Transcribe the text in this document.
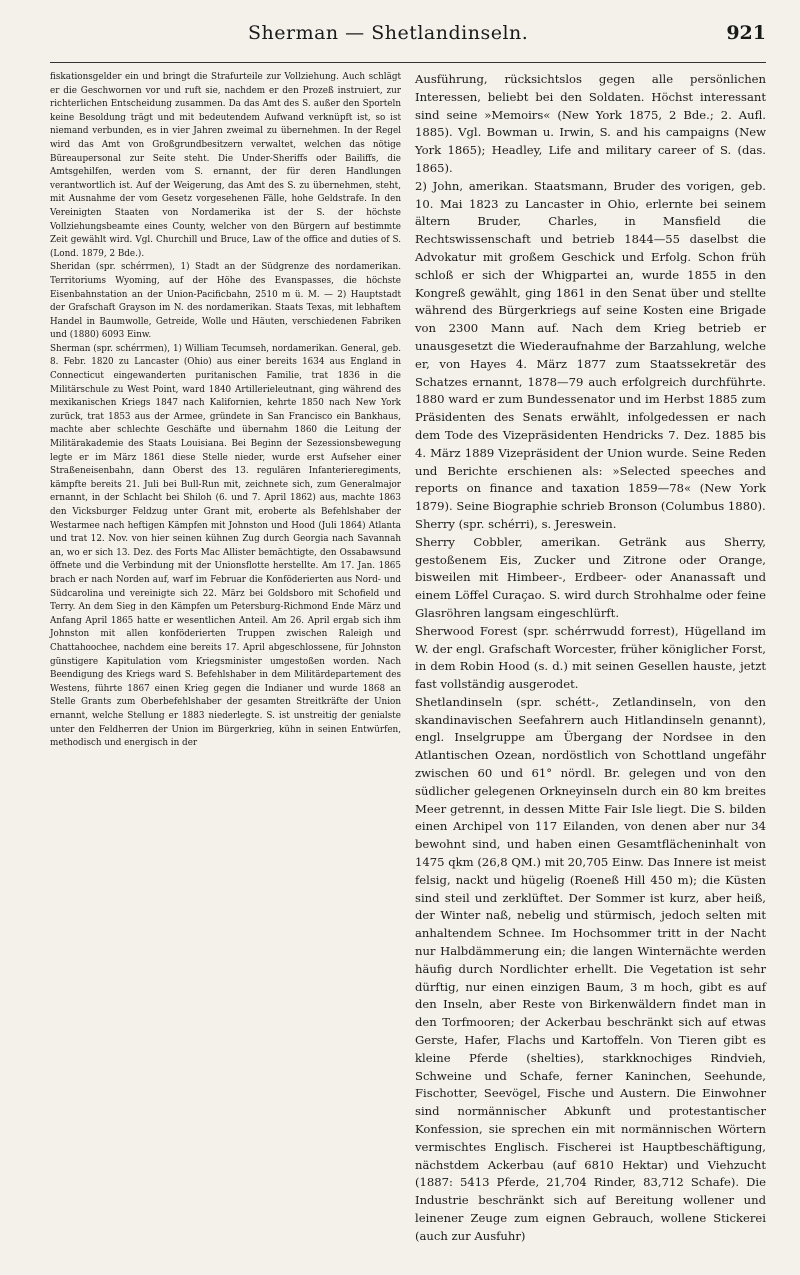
Sherman — Shetlandinseln.	921

fiskationsgelder ein und bringt die Strafurteile zur Vollziehung. Auch schlägt er die Geschwornen vor und ruft sie, nachdem er den Prozeß instruiert, zur richterlichen Entscheidung zusammen. Da das Amt des S. außer den Sporteln keine Besoldung trägt und mit bedeutendem Aufwand verknüpft ist, so ist niemand verbunden, es in vier Jahren zweimal zu übernehmen. In der Regel wird das Amt von Großgrundbesitzern verwaltet, welchen das nötige Büreaupersonal zur Seite steht. Die Under-Sheriffs oder Bailiffs, die Amtsgehilfen, werden vom S. ernannt, der für deren Handlungen verantwortlich ist. Auf der Weigerung, das Amt des S. zu übernehmen, steht, mit Ausnahme der vom Gesetz vorgesehenen Fälle, hohe Geldstrafe. In den Vereinigten Staaten von Nordamerika ist der S. der höchste Vollziehungsbeamte eines County, welcher von den Bürgern auf bestimmte Zeit gewählt wird. Vgl. Churchill und Bruce, Law of the office and duties of S. (Lond. 1879, 2 Bde.).

Sheridan (spr. schérrmen), 1) Stadt an der Südgrenze des nordamerikan. Territoriums Wyoming, auf der Höhe des Evanspasses, die höchste Eisenbahnstation an der Union-Pacificbahn, 2510 m ü. M. — 2) Hauptstadt der Grafschaft Grayson im N. des nordamerikan. Staats Texas, mit lebhaftem Handel in Baumwolle, Getreide, Wolle und Häuten, verschiedenen Fabriken und (1880) 6093 Einw.

Sherman (spr. schérrmen), 1) William Tecumseh, nordamerikan. General, geb. 8. Febr. 1820 zu Lancaster (Ohio) aus einer bereits 1634 aus England in Connecticut eingewanderten puritanischen Familie, trat 1836 in die Militärschule zu West Point, ward 1840 Artillerieleutnant, ging während des mexikanischen Kriegs 1847 nach Kalifornien, kehrte 1850 nach New York zurück, trat 1853 aus der Armee, gründete in San Francisco ein Bankhaus, machte aber schlechte Geschäfte und übernahm 1860 die Leitung der Militärakademie des Staats Louisiana. Bei Beginn der Sezessionsbewegung legte er im März 1861 diese Stelle nieder, wurde erst Aufseher einer Straßeneisenbahn, dann Oberst des 13. regulären Infanterieregiments, kämpfte bereits 21. Juli bei Bull-Run mit, zeichnete sich, zum Generalmajor ernannt, in der Schlacht bei Shiloh (6. und 7. April 1862) aus, machte 1863 den Vicksburger Feldzug unter Grant mit, eroberte als Befehlshaber der Westarmee nach heftigen Kämpfen mit Johnston und Hood (Juli 1864) Atlanta und trat 12. Nov. von hier seinen kühnen Zug durch Georgia nach Savannah an, wo er sich 13. Dez. des Forts Mac Allister bemächtigte, den Ossabawsund öffnete und die Verbindung mit der Unionsflotte herstellte. Am 17. Jan. 1865 brach er nach Norden auf, warf im Februar die Konföderierten aus Nord- und Südcarolina und vereinigte sich 22. März bei Goldsboro mit Schofield und Terry. An dem Sieg in den Kämpfen um Petersburg-Richmond Ende März und Anfang April 1865 hatte er wesentlichen Anteil. Am 26. April ergab sich ihm Johnston mit allen konföderierten Truppen zwischen Raleigh und Chattahoochee, nachdem eine bereits 17. April abgeschlossene, für Johnston günstigere Kapitulation vom Kriegsminister umgestoßen worden. Nach Beendigung des Kriegs ward S. Befehlshaber in dem Militärdepartement des Westens, führte 1867 einen Krieg gegen die Indianer und wurde 1868 an Stelle Grants zum Oberbefehlshaber der gesamten Streitkräfte der Union ernannt, welche Stellung er 1883 niederlegte. S. ist unstreitig der genialste unter den Feldherren der Union im Bürgerkrieg, kühn in seinen Entwürfen, methodisch und energisch in der

Ausführung, rücksichtslos gegen alle persönlichen Interessen, beliebt bei den Soldaten. Höchst interessant sind seine »Memoirs« (New York 1875, 2 Bde.; 2. Aufl. 1885). Vgl. Bowman u. Irwin, S. and his campaigns (New York 1865); Headley, Life and military career of S. (das. 1865).

2) John, amerikan. Staatsmann, Bruder des vorigen, geb. 10. Mai 1823 zu Lancaster in Ohio, erlernte bei seinem ältern Bruder, Charles, in Mansfield die Rechtswissenschaft und betrieb 1844—55 daselbst die Advokatur mit großem Geschick und Erfolg. Schon früh schloß er sich der Whigpartei an, wurde 1855 in den Kongreß gewählt, ging 1861 in den Senat über und stellte während des Bürgerkriegs auf seine Kosten eine Brigade von 2300 Mann auf. Nach dem Krieg betrieb er unausgesetzt die Wiederaufnahme der Barzahlung, welche er, von Hayes 4. März 1877 zum Staatssekretär des Schatzes ernannt, 1878—79 auch erfolgreich durchführte. 1880 ward er zum Bundessenator und im Herbst 1885 zum Präsidenten des Senats erwählt, infolgedessen er nach dem Tode des Vizepräsidenten Hendricks 7. Dez. 1885 bis 4. März 1889 Vizepräsident der Union wurde. Seine Reden und Berichte erschienen als: »Selected speeches and reports on finance and taxation 1859—78« (New York 1879). Seine Biographie schrieb Bronson (Columbus 1880).

Sherry (spr. schérri), s. Jereswein.

Sherry Cobbler, amerikan. Getränk aus Sherry, gestoßenem Eis, Zucker und Zitrone oder Orange, bisweilen mit Himbeer-, Erdbeer- oder Ananassaft und einem Löffel Curaçao. S. wird durch Strohhalme oder feine Glasröhren langsam eingeschlürft.

Sherwood Forest (spr. schérrwudd forrest), Hügelland im W. der engl. Grafschaft Worcester, früher königlicher Forst, in dem Robin Hood (s. d.) mit seinen Gesellen hauste, jetzt fast vollständig ausgerodet.

Shetlandinseln (spr. schétt-, Zetlandinseln, von den skandinavischen Seefahrern auch Hitlandinseln genannt), engl. Inselgruppe am Übergang der Nordsee in den Atlantischen Ozean, nordöstlich von Schottland ungefähr zwischen 60 und 61° nördl. Br. gelegen und von den südlicher gelegenen Orkneyinseln durch ein 80 km breites Meer getrennt, in dessen Mitte Fair Isle liegt. Die S. bilden einen Archipel von 117 Eilanden, von denen aber nur 34 bewohnt sind, und haben einen Gesamtflächeninhalt von 1475 qkm (26,8 QM.) mit 20,705 Einw. Das Innere ist meist felsig, nackt und hügelig (Roeneß Hill 450 m); die Küsten sind steil und zerklüftet. Der Sommer ist kurz, aber heiß, der Winter naß, nebelig und stürmisch, jedoch selten mit anhaltendem Schnee. Im Hochsommer tritt in der Nacht nur Halbdämmerung ein; die langen Winternächte werden häufig durch Nordlichter erhellt. Die Vegetation ist sehr dürftig, nur einen einzigen Baum, 3 m hoch, gibt es auf den Inseln, aber Reste von Birkenwäldern findet man in den Torfmooren; der Ackerbau beschränkt sich auf etwas Gerste, Hafer, Flachs und Kartoffeln. Von Tieren gibt es kleine Pferde (shelties), starkknochiges Rindvieh, Schweine und Schafe, ferner Kaninchen, Seehunde, Fischotter, Seevögel, Fische und Austern. Die Einwohner sind normännischer Abkunft und protestantischer Konfession, sie sprechen ein mit normännischen Wörtern vermischtes Englisch. Fischerei ist Hauptbeschäftigung, nächstdem Ackerbau (auf 6810 Hektar) und Viehzucht (1887: 5413 Pferde, 21,704 Rinder, 83,712 Schafe). Die Industrie beschränkt sich auf Bereitung wollener und leinener Zeuge zum eignen Gebrauch, wollene Stickerei (auch zur Ausfuhr)
